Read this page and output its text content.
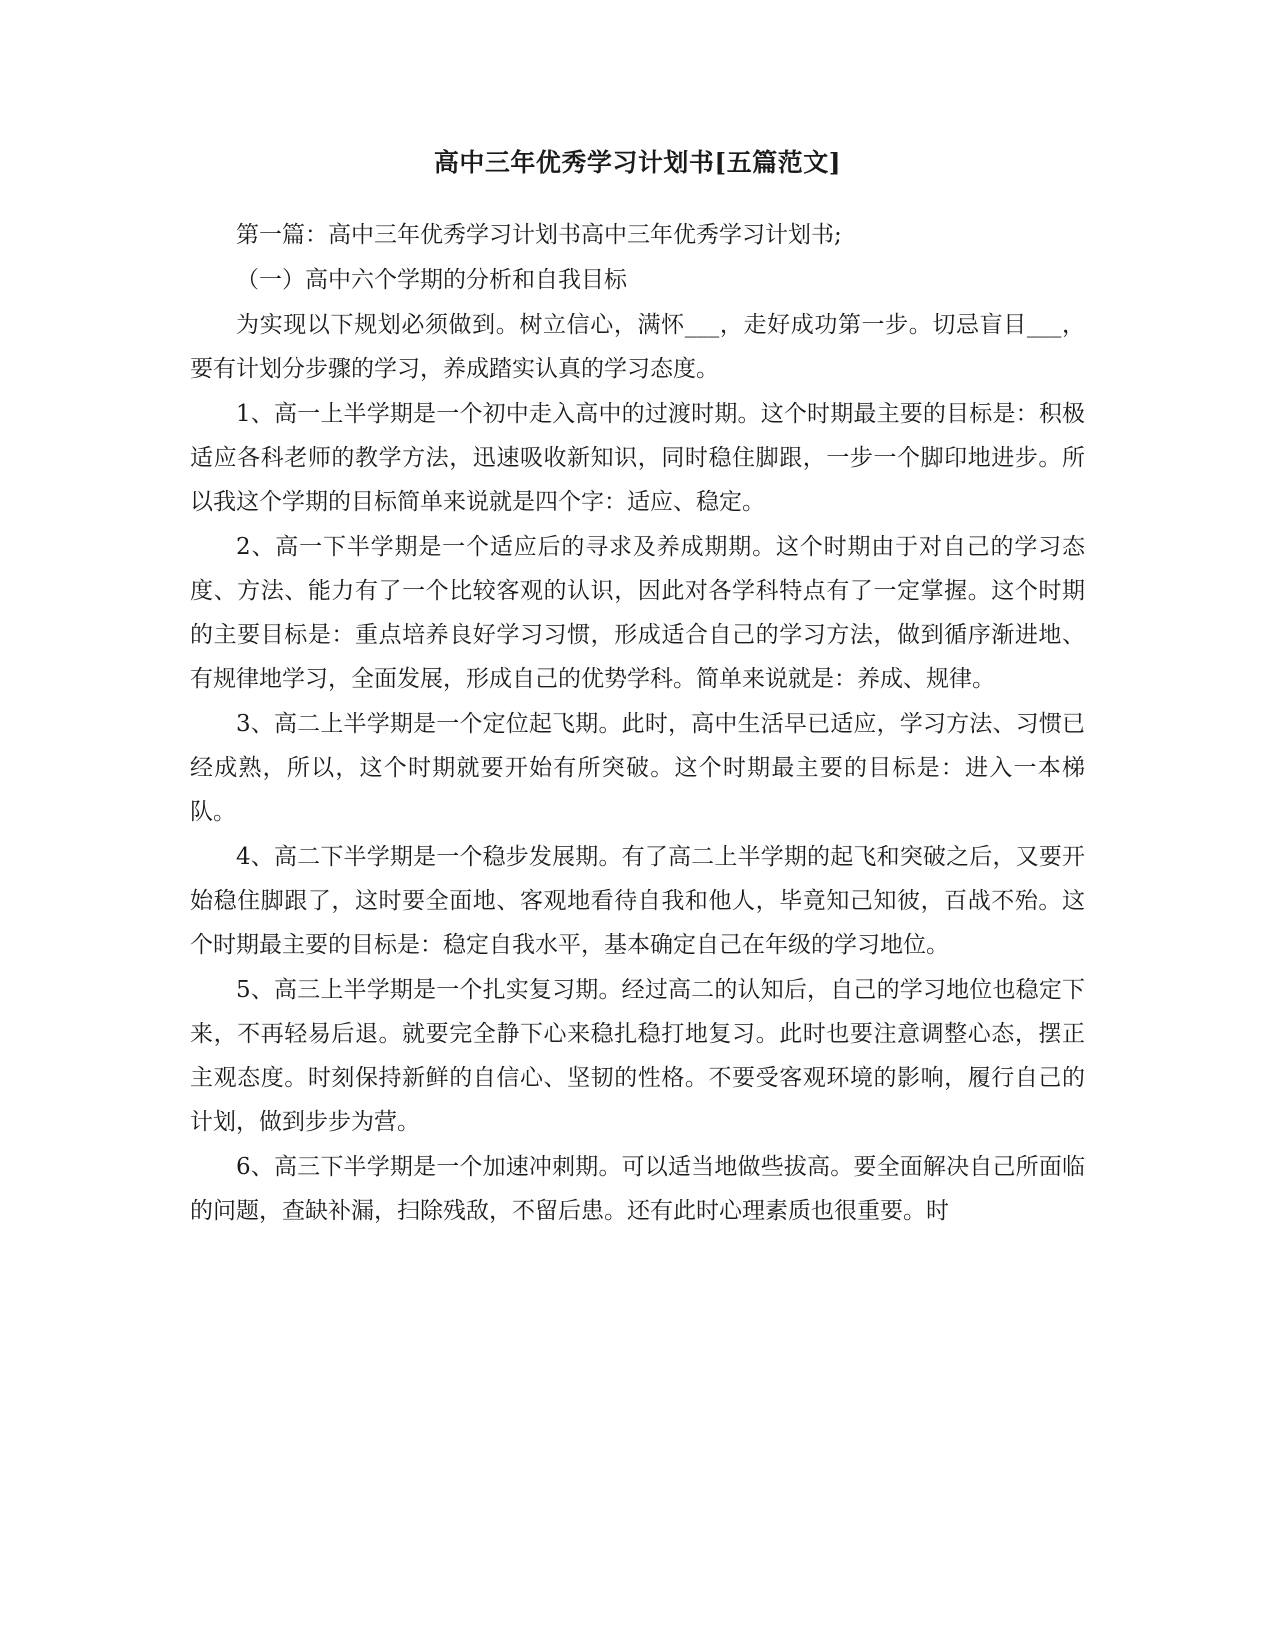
高中三年优秀学习计划书[五篇范文]

第一篇：高中三年优秀学习计划书高中三年优秀学习计划书;

（一）高中六个学期的分析和自我目标

为实现以下规划必须做到。树立信心，满怀___，走好成功第一步。切忌盲目___，要有计划分步骤的学习，养成踏实认真的学习态度。

1、高一上半学期是一个初中走入高中的过渡时期。这个时期最主要的目标是：积极适应各科老师的教学方法，迅速吸收新知识，同时稳住脚跟，一步一个脚印地进步。所以我这个学期的目标简单来说就是四个字：适应、稳定。

2、高一下半学期是一个适应后的寻求及养成期期。这个时期由于对自己的学习态度、方法、能力有了一个比较客观的认识，因此对各学科特点有了一定掌握。这个时期的主要目标是：重点培养良好学习习惯，形成适合自己的学习方法，做到循序渐进地、有规律地学习，全面发展，形成自己的优势学科。简单来说就是：养成、规律。

3、高二上半学期是一个定位起飞期。此时，高中生活早已适应，学习方法、习惯已经成熟，所以，这个时期就要开始有所突破。这个时期最主要的目标是：进入一本梯队。

4、高二下半学期是一个稳步发展期。有了高二上半学期的起飞和突破之后，又要开始稳住脚跟了，这时要全面地、客观地看待自我和他人，毕竟知己知彼，百战不殆。这个时期最主要的目标是：稳定自我水平，基本确定自己在年级的学习地位。

5、高三上半学期是一个扎实复习期。经过高二的认知后，自己的学习地位也稳定下来，不再轻易后退。就要完全静下心来稳扎稳打地复习。此时也要注意调整心态，摆正主观态度。时刻保持新鲜的自信心、坚韧的性格。不要受客观环境的影响，履行自己的计划，做到步步为营。

6、高三下半学期是一个加速冲刺期。可以适当地做些拔高。要全面解决自己所面临的问题，查缺补漏，扫除残敌，不留后患。还有此时心理素质也很重要。时
